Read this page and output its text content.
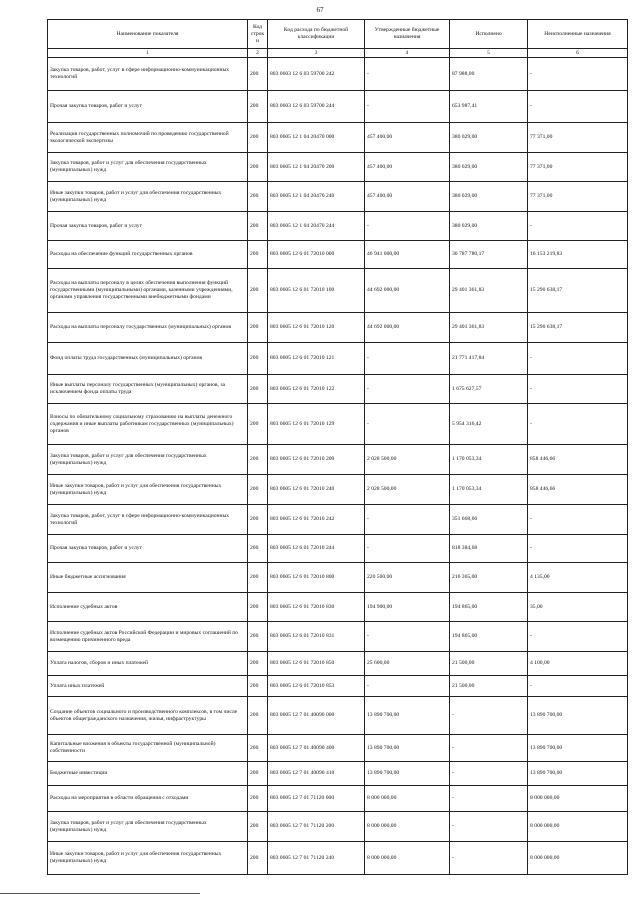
67
Наименование показателя	Код строки	Код расхода по бюджетной классификации	Утвержденные бюджетные назначения	Исполнено	Неисполненные назначения
1	2	3	4	5	6
Закупка товаров, работ, услуг в сфере информационно-коммуникационных технологий	200	803 0603 12 6 03 59700 242	-	87 988,00	-
Прочая закупка товаров, работ и услуг	200	803 0603 12 6 03 59700 244	-	653 987,41	-
Реализация государственных полномочий по проведению государственной экологической экспертизы	200	803 0605 12 1 04 20470 000	457 400,00	380 029,00	77 371,00
Закупка товаров, работ и услуг для обеспечения государственных (муниципальных) нужд	200	803 0605 12 1 04 20470 200	457 400,00	380 029,00	77 371,00
Иные закупки товаров, работ и услуг для обеспечения государственных (муниципальных) нужд	200	803 0605 12 1 04 20470 240	457 400,00	380 029,00	77 371,00
Прочая закупка товаров, работ и услуг	200	803 0605 12 1 04 20470 244	-	380 029,00	-
Расходы на обеспечение функций государственных органов	200	803 0605 12 6 01 72010 000	46 941 000,00	30 787 780,17	16 153 219,83
Расходы на выплаты персоналу в целях обеспечения выполнения функций государственными (муниципальными) органами, казенными учреждениями, органами управления государственными внебюджетными фондами	200	803 0605 12 6 01 72010 100	44 692 000,00	29 401 361,83	15 290 638,17
Расходы на выплаты персоналу государственных (муниципальных) органов	200	803 0605 12 6 01 72010 120	44 692 000,00	29 401 361,83	15 290 638,17
Фонд оплаты труда государственных (муниципальных) органов	200	803 0605 12 6 01 72010 121	-	21 771 417,84	-
Иные выплаты персоналу государственных (муниципальных) органов, за исключением фонда оплаты труда	200	803 0605 12 6 01 72010 122	-	1 675 627,57	-
Взносы по обязательному социальному страхованию на выплаты денежного содержания и иные выплаты работникам государственных (муниципальных) органов	200	803 0605 12 6 01 72010 129	-	5 954 316,42	-
Закупка товаров, работ и услуг для обеспечения государственных (муниципальных) нужд	200	803 0605 12 6 01 72010 200	2 028 500,00	1 170 053,34	858 446,66
Иные закупки товаров, работ и услуг для обеспечения государственных (муниципальных) нужд	200	803 0605 12 6 01 72010 240	2 028 500,00	1 170 053,34	858 446,66
Закупка товаров, работ, услуг в сфере информационно-коммуникационных технологий	200	803 0605 12 6 01 72010 242	-	351 668,66	-
Прочая закупка товаров, работ и услуг	200	803 0605 12 6 01 72010 244	-	818 384,68	-
Иные бюджетные ассигнования	200	803 0605 12 6 01 72010 800	220 500,00	216 365,00	4 135,00
Исполнение судебных актов	200	803 0605 12 6 01 72010 830	194 900,00	194 865,00	35,00
Исполнение судебных актов Российской Федерации и мировых соглашений по возмещению причиненного вреда	200	803 0605 12 6 01 72010 831	-	194 865,00	-
Уплата налогов, сборов и иных платежей	200	803 0605 12 6 01 72010 850	25 600,00	21 500,00	4 100,00
Уплата иных платежей	200	803 0605 12 6 01 72010 853	-	21 500,00	-
Создание объектов социального и производственного комплексов, в том числе объектов общегражданского назначения, жилья, инфраструктуры	200	803 0605 12 7 01 40090 000	13 890 700,00	-	13 890 700,00
Капитальные вложения в объекты государственной (муниципальной) собственности	200	803 0605 12 7 01 40090 400	13 890 700,00	-	13 890 700,00
Бюджетные инвестиции	200	803 0605 12 7 01 40090 410	13 890 700,00	-	13 890 700,00
Расходы на мероприятия в области обращения с отходами	200	803 0605 12 7 01 71120 000	8 000 000,00	-	8 000 000,00
Закупка товаров, работ и услуг для обеспечения государственных (муниципальных) нужд	200	803 0605 12 7 01 71120 200	8 000 000,00	-	8 000 000,00
Иные закупки товаров, работ и услуг для обеспечения государственных (муниципальных) нужд	200	803 0605 12 7 01 71120 240	8 000 000,00	-	8 000 000,00
